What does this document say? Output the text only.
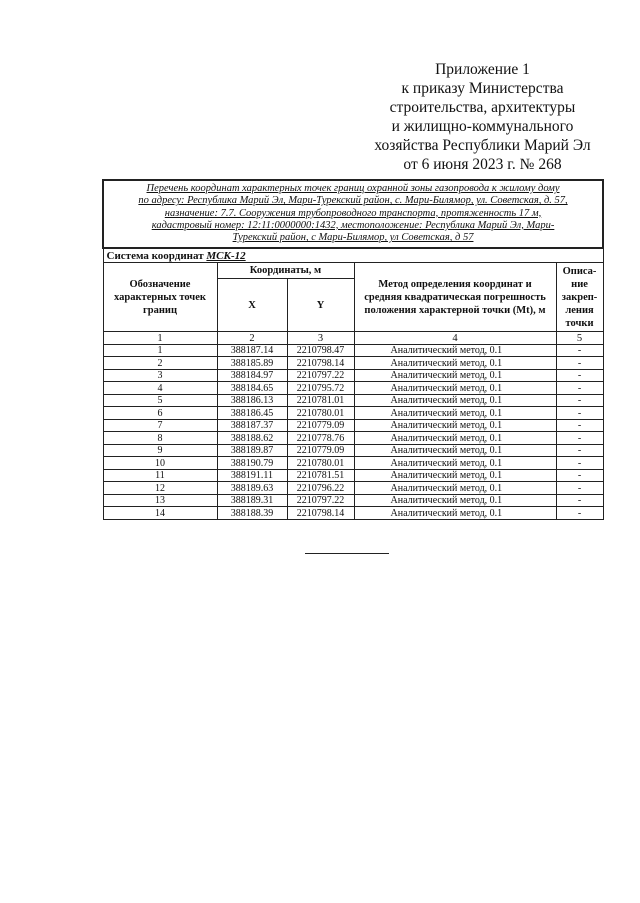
Приложение 1
к приказу Министерства
строительства, архитектуры
и жилищно-коммунального
хозяйства Республики Марий Эл
от 6 июня 2023 г. № 268
Перечень координат характерных точек границ охранной зоны газопровода к жилому дому
по адресу: Республика Марий Эл, Мари-Турекский район, с. Мари-Билямор, ул. Советская, д. 57,
назначение: 7.7. Сооружения трубопроводного транспорта, протяженность 17 м,
кадастровый номер: 12:11:0000000:1432, местоположение: Республика Марий Эл, Мари-
Турекский район, с Мари-Билямор, ул Советская, д 57				

Система координат МСК-12				
Обозначение характерных точек границ	Координаты, м		Метод определения координат и средняя квадратическая погрешность положения характерной точки (Mt), м	Описа-ние закреп-ления точки
	X	Y		
1	2	3	4	5
1	388187.14	2210798.47	Аналитический метод, 0.1	-
2	388185.89	2210798.14	Аналитический метод, 0.1	-
3	388184.97	2210797.22	Аналитический метод, 0.1	-
4	388184.65	2210795.72	Аналитический метод, 0.1	-
5	388186.13	2210781.01	Аналитический метод, 0.1	-
6	388186.45	2210780.01	Аналитический метод, 0.1	-
7	388187.37	2210779.09	Аналитический метод, 0.1	-
8	388188.62	2210778.76	Аналитический метод, 0.1	-
9	388189.87	2210779.09	Аналитический метод, 0.1	-
10	388190.79	2210780.01	Аналитический метод, 0.1	-
11	388191.11	2210781.51	Аналитический метод, 0.1	-
12	388189.63	2210796.22	Аналитический метод, 0.1	-
13	388189.31	2210797.22	Аналитический метод, 0.1	-
14	388188.39	2210798.14	Аналитический метод, 0.1	-
